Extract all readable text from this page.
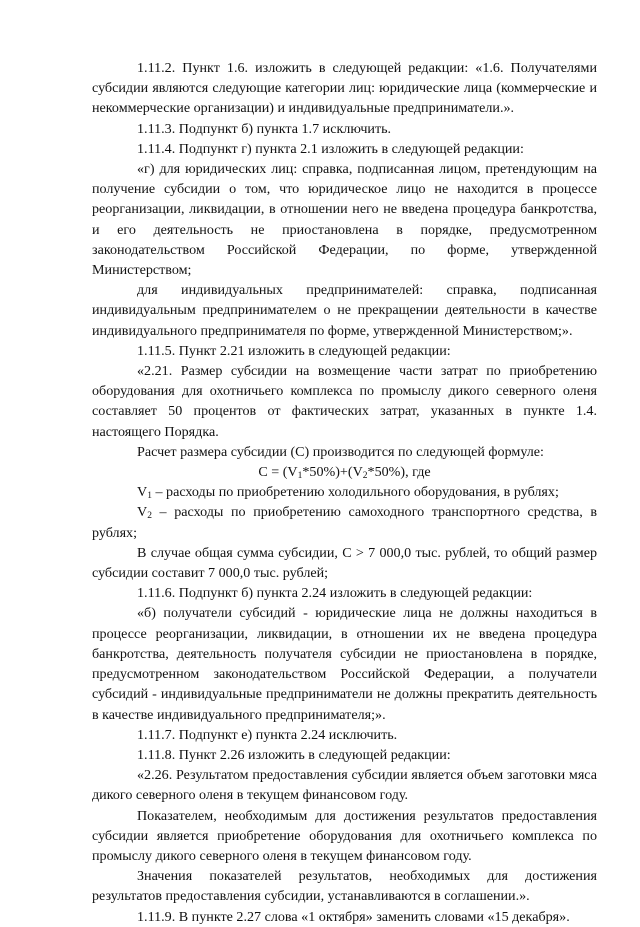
1.11.2. Пункт 1.6. изложить в следующей редакции: «1.6. Получателями субсидии являются следующие категории лиц: юридические лица (коммерческие и некоммерческие организации) и индивидуальные предприниматели.».

1.11.3. Подпункт б) пункта 1.7 исключить.

1.11.4. Подпункт г) пункта 2.1 изложить в следующей редакции:

«г) для юридических лиц: справка, подписанная лицом, претендующим на получение субсидии о том, что юридическое лицо не находится в процессе реорганизации, ликвидации, в отношении него не введена процедура банкротства, и его деятельность не приостановлена в порядке, предусмотренном законодательством Российской Федерации, по форме, утвержденной Министерством;

для индивидуальных предпринимателей: справка, подписанная индивидуальным предпринимателем о не прекращении деятельности в качестве индивидуального предпринимателя по форме, утвержденной Министерством;».

1.11.5. Пункт 2.21 изложить в следующей редакции:

«2.21. Размер субсидии на возмещение части затрат по приобретению оборудования для охотничьего комплекса по промыслу дикого северного оленя составляет 50 процентов от фактических затрат, указанных в пункте 1.4. настоящего Порядка.

Расчет размера субсидии (С) производится по следующей формуле:

$С = (V_1*50\%)+(V_2*50\%)$, где

$V_1$ – расходы по приобретению холодильного оборудования, в рублях;

$V_2$ – расходы по приобретению самоходного транспортного средства, в рублях;

В случае общая сумма субсидии, С > 7 000,0 тыс. рублей, то общий размер субсидии составит 7 000,0 тыс. рублей;

1.11.6. Подпункт б) пункта 2.24 изложить в следующей редакции:

«б) получатели субсидий - юридические лица не должны находиться в процессе реорганизации, ликвидации, в отношении их не введена процедура банкротства, деятельность получателя субсидии не приостановлена в порядке, предусмотренном законодательством Российской Федерации, а получатели субсидий - индивидуальные предприниматели не должны прекратить деятельность в качестве индивидуального предпринимателя;».

1.11.7. Подпункт е) пункта 2.24 исключить.

1.11.8. Пункт 2.26 изложить в следующей редакции:

«2.26. Результатом предоставления субсидии является объем заготовки мяса дикого северного оленя в текущем финансовом году.

Показателем, необходимым для достижения результатов предоставления субсидии является приобретение оборудования для охотничьего комплекса по промыслу дикого северного оленя в текущем финансовом году.

Значения показателей результатов, необходимых для достижения результатов предоставления субсидии, устанавливаются в соглашении.».

1.11.9. В пункте 2.27 слова «1 октября» заменить словами «15 декабря».
